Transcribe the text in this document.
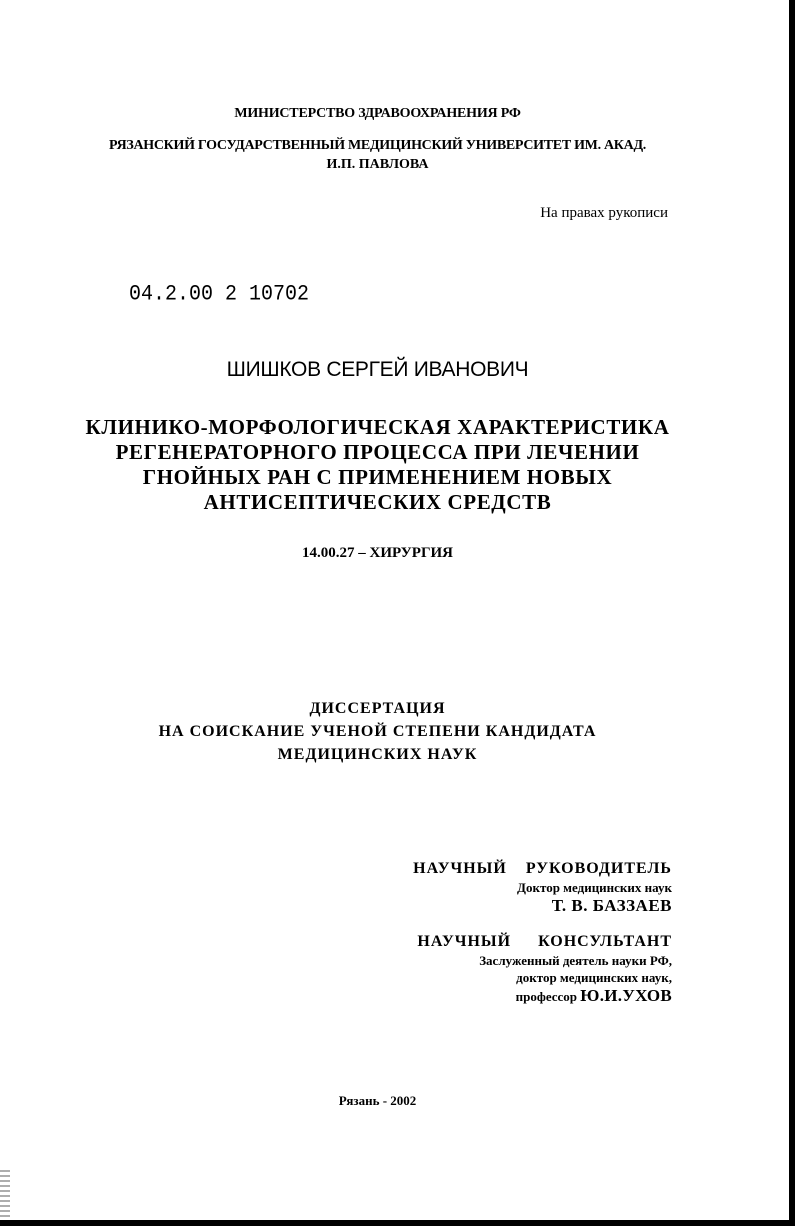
МИНИСТЕРСТВО ЗДРАВООХРАНЕНИЯ РФ
РЯЗАНСКИЙ ГОСУДАРСТВЕННЫЙ МЕДИЦИНСКИЙ УНИВЕРСИТЕТ ИМ. АКАД.
И.П. ПАВЛОВА
На правах рукописи
04.2.00 2 10702
ШИШКОВ СЕРГЕЙ ИВАНОВИЧ
КЛИНИКО-МОРФОЛОГИЧЕСКАЯ ХАРАКТЕРИСТИКА
РЕГЕНЕРАТОРНОГО ПРОЦЕССА ПРИ ЛЕЧЕНИИ
ГНОЙНЫХ РАН С ПРИМЕНЕНИЕМ НОВЫХ
АНТИСЕПТИЧЕСКИХ СРЕДСТВ
14.00.27 – ХИРУРГИЯ
ДИССЕРТАЦИЯ
НА СОИСКАНИЕ УЧЕНОЙ СТЕПЕНИ КАНДИДАТА
МЕДИЦИНСКИХ НАУК
НАУЧНЫЙ РУКОВОДИТЕЛЬ
Доктор медицинских наук
Т. В. БАЗЗАЕВ
НАУЧНЫЙ КОНСУЛЬТАНТ
Заслуженный деятель науки РФ,
доктор медицинских наук,
профессор Ю.И.УХОВ
Рязань - 2002
